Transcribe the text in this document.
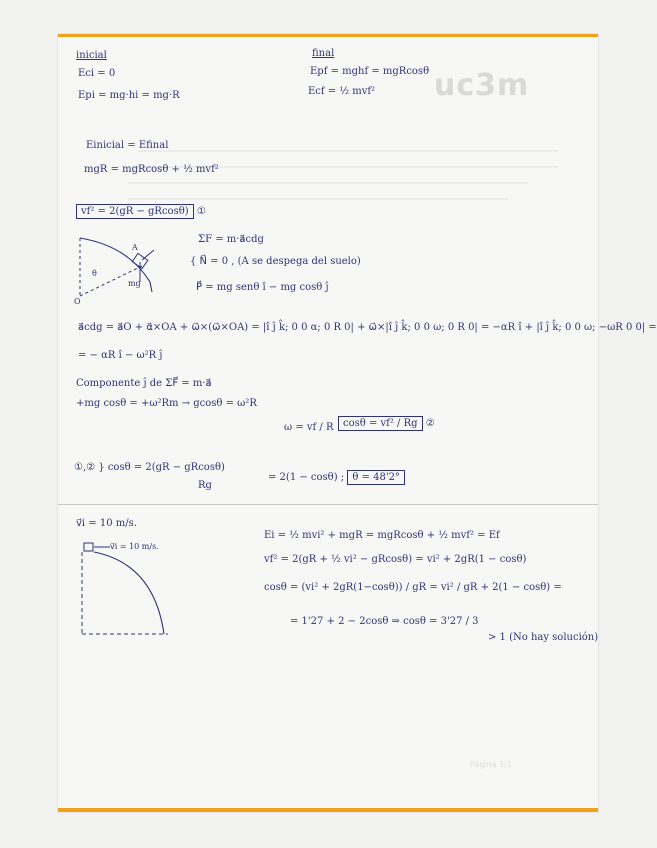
uc3m
Página 1/1
inicial
Eci = 0
Epi = mg·hi = mg·R
final
Epf = mghf = mgRcosθ
Ecf = ½ mvf²
Einicial = Efinal
mgR = mgRcosθ + ½ mvf²
vf² = 2(gR − gRcosθ) ①
A
θ
mg
O
ΣF = m·a⃗cdg
{ N⃗ = 0 , (A se despega del suelo)
P⃗ = mg senθ î − mg cosθ ĵ
a⃗cdg = a⃗O + α⃗×OA + ω⃗×(ω⃗×OA) = |î ĵ k̂; 0 0 α; 0 R 0| + ω⃗×|î ĵ k̂; 0 0 ω; 0 R 0| = −αR î + |î ĵ k̂; 0 0 ω; −ωR 0 0| =
= − αR î − ω²R ĵ
Componente ĵ de ΣF⃗ = m·a⃗
+mg cosθ = +ω²Rm → gcosθ = ω²R
ω = vf / R cosθ = vf² / Rg ②
①,② } cosθ = 2(gR − gRcosθ)
Rg
= 2(1 − cosθ) ; θ = 48'2°
v⃗i = 10 m/s.
v⃗i = 10 m/s.
Ei = ½ mvi² + mgR = mgRcosθ + ½ mvf² = Ef
vf² = 2(gR + ½ vi² − gRcosθ) = vi² + 2gR(1 − cosθ)
cosθ = (vi² + 2gR(1−cosθ)) / gR = vi² / gR + 2(1 − cosθ) =
= 1'27 + 2 − 2cosθ ⇒ cosθ = 3'27 / 3
> 1 (No hay solución)
